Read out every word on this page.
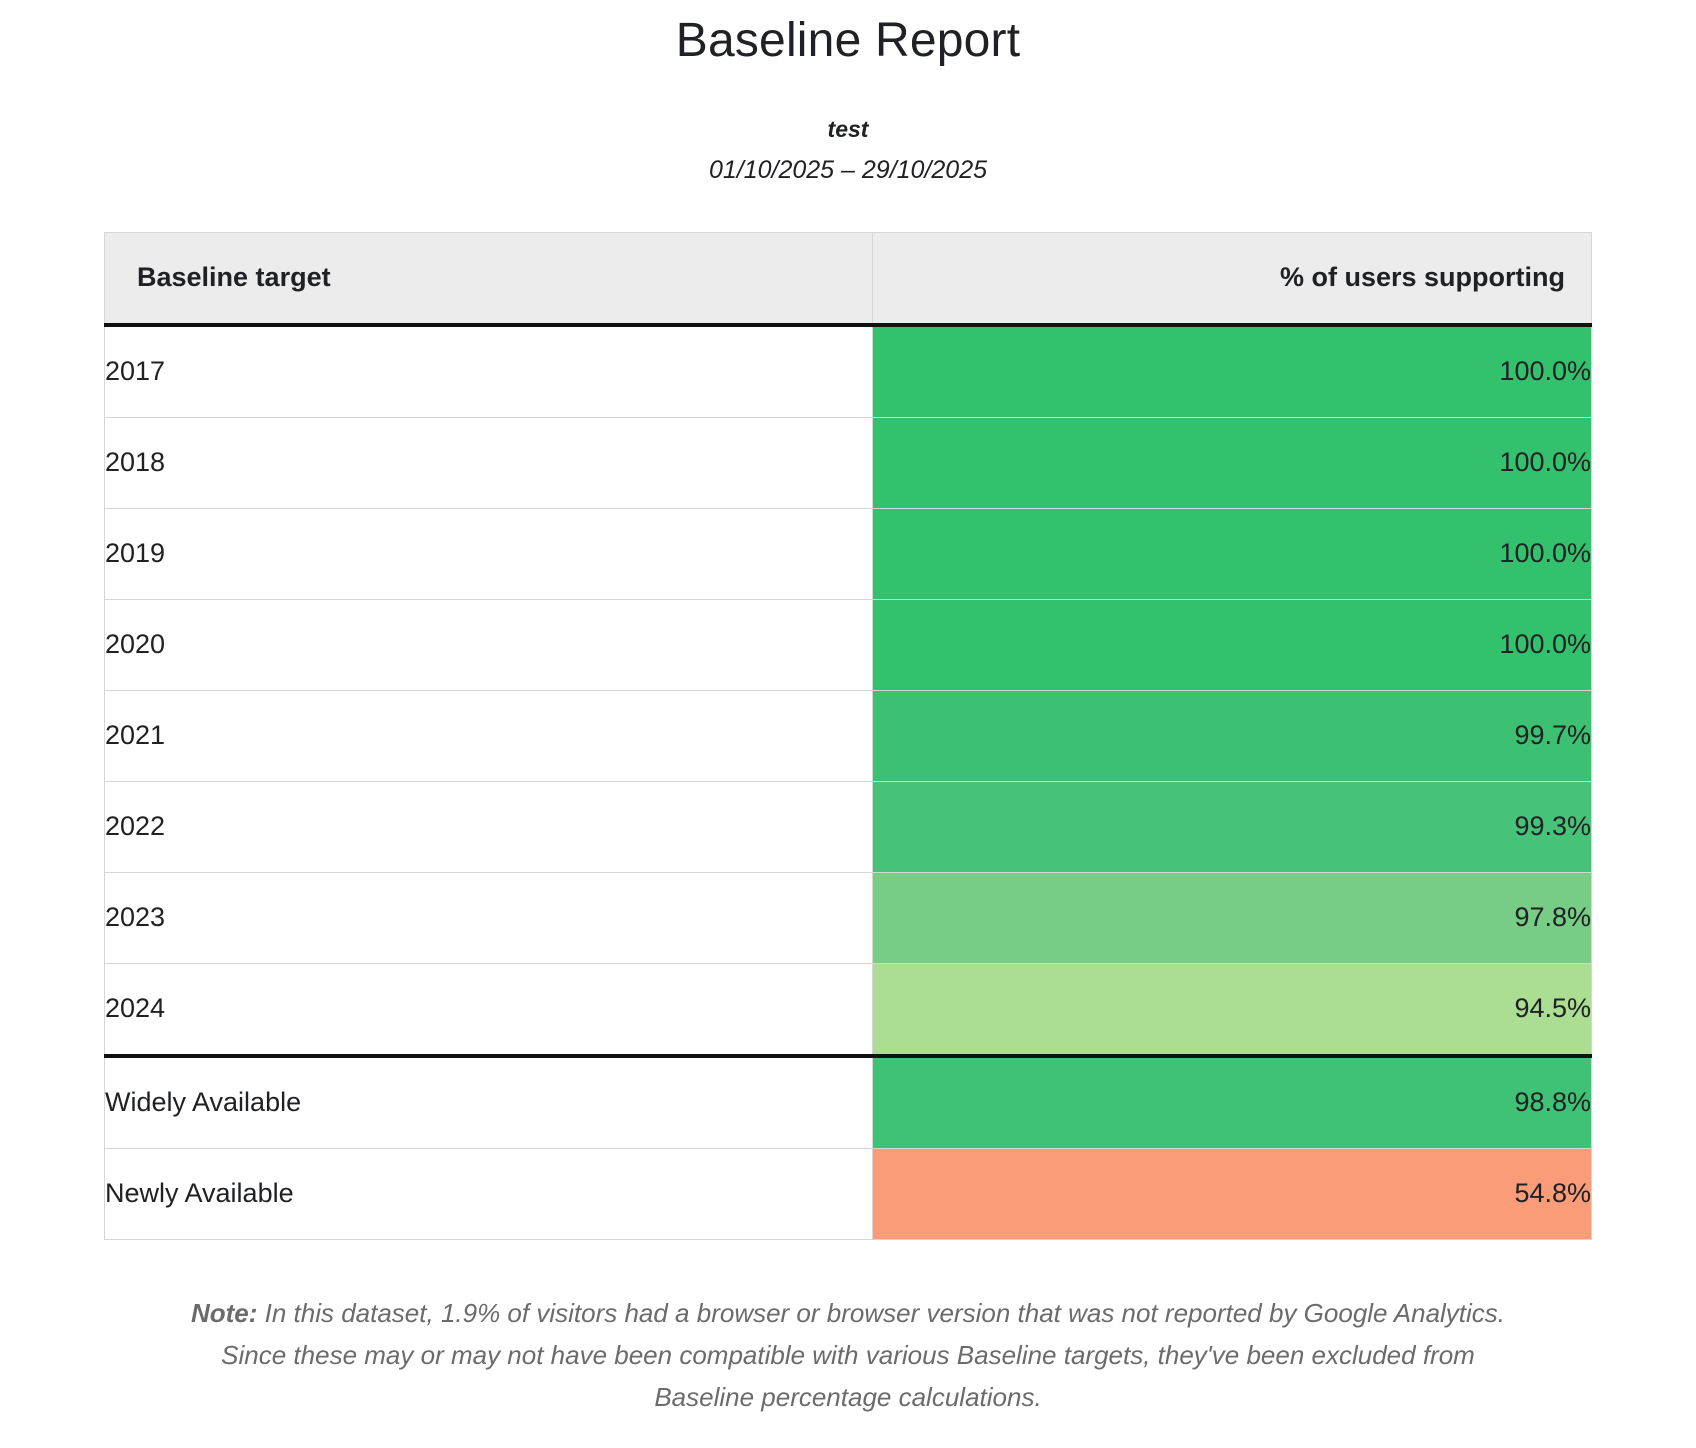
Baseline Report
test
01/10/2025 – 29/10/2025
Baseline target	% of users supporting
2017	100.0%
2018	100.0%
2019	100.0%
2020	100.0%
2021	99.7%
2022	99.3%
2023	97.8%
2024	94.5%
Widely Available	98.8%
Newly Available	54.8%
Note: In this dataset, 1.9% of visitors had a browser or browser version that was not reported by Google Analytics. Since these may or may not have been compatible with various Baseline targets, they've been excluded from Baseline percentage calculations.
